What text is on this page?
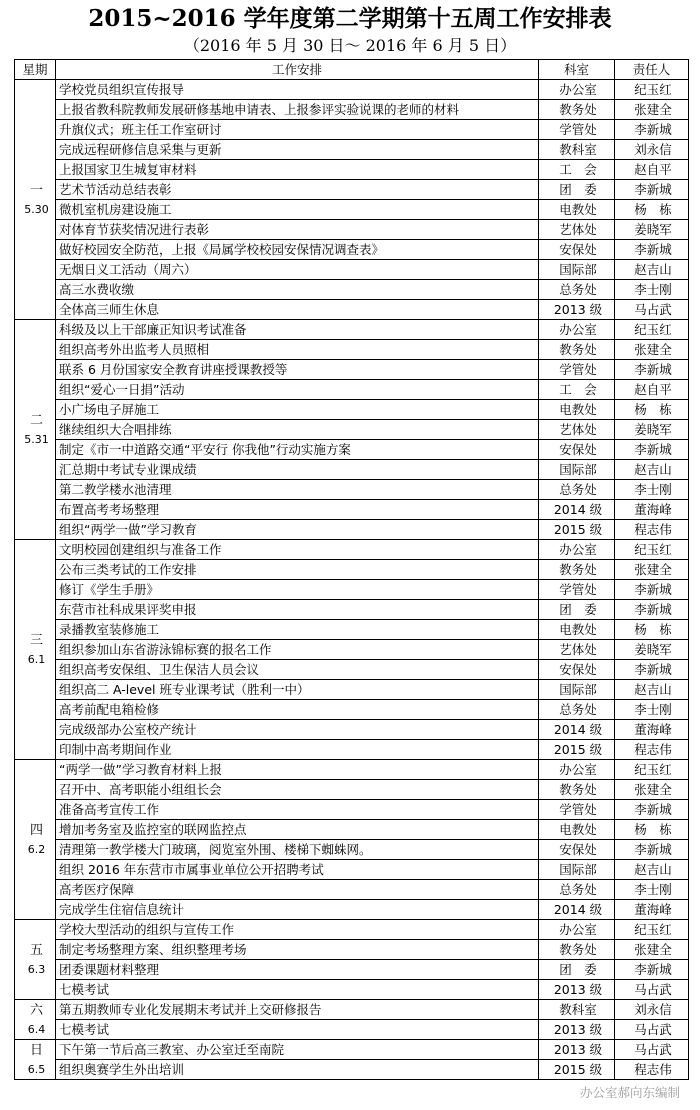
2015~2016 学年度第二学期第十五周工作安排表
（2016 年 5 月 30 日～ 2016 年 6 月 5 日）
星期	工作安排	科室	责任人

一
5.30	学校党员组织宣传报导	办公室	纪玉红
	上报省教科院教师发展研修基地申请表、上报参评实验说课的老师的材料	教务处	张建全
	升旗仪式；班主任工作室研讨	学管处	李新城
	完成远程研修信息采集与更新	教科室	刘永信
	上报国家卫生城复审材料	工　会	赵自平
	艺术节活动总结表彰	团　委	李新城
	微机室机房建设施工	电教处	杨　栋
	对体育节获奖情况进行表彰	艺体处	姜晓军
	做好校园安全防范，上报《局属学校校园安保情况调查表》	安保处	李新城
	无烟日义工活动（周六）	国际部	赵吉山
	高三水费收缴	总务处	李士刚
	全体高三师生休息	2013 级	马占武

二
5.31	科级及以上干部廉正知识考试准备	办公室	纪玉红
	组织高考外出监考人员照相	教务处	张建全
	联系 6 月份国家安全教育讲座授课教授等	学管处	李新城
	组织“爱心一日捐”活动	工　会	赵自平
	小广场电子屏施工	电教处	杨　栋
	继续组织大合唱排练	艺体处	姜晓军
	制定《市一中道路交通“平安行 你我他”行动实施方案	安保处	李新城
	汇总期中考试专业课成绩	国际部	赵吉山
	第二教学楼水池清理	总务处	李士刚
	布置高考考场整理	2014 级	董海峰
	组织“两学一做”学习教育	2015 级	程志伟

三
6.1	文明校园创建组织与准备工作	办公室	纪玉红
	公布三类考试的工作安排	教务处	张建全
	修订《学生手册》	学管处	李新城
	东营市社科成果评奖申报	团　委	李新城
	录播教室装修施工	电教处	杨　栋
	组织参加山东省游泳锦标赛的报名工作	艺体处	姜晓军
	组织高考安保组、卫生保洁人员会议	安保处	李新城
	组织高二 A-level 班专业课考试（胜利一中）	国际部	赵吉山
	高考前配电箱检修	总务处	李士刚
	完成级部办公室校产统计	2014 级	董海峰
	印制中高考期间作业	2015 级	程志伟

四
6.2	“两学一做”学习教育材料上报	办公室	纪玉红
	召开中、高考职能小组组长会	教务处	张建全
	准备高考宣传工作	学管处	李新城
	增加考务室及监控室的联网监控点	电教处	杨　栋
	清理第一教学楼大门玻璃，阅览室外围、楼梯下蜘蛛网。	安保处	李新城
	组织 2016 年东营市市属事业单位公开招聘考试	国际部	赵吉山
	高考医疗保障	总务处	李士刚
	完成学生住宿信息统计	2014 级	董海峰

五
6.3	学校大型活动的组织与宣传工作	办公室	纪玉红
	制定考场整理方案、组织整理考场	教务处	张建全
	团委课题材料整理	团　委	李新城
	七模考试	2013 级	马占武

六
6.4	第五期教师专业化发展期末考试并上交研修报告	教科室	刘永信
	七模考试	2013 级	马占武

日
6.5	下午第一节后高三教室、办公室迁至南院	2013 级	马占武
	组织奥赛学生外出培训	2015 级	程志伟
办公室郝向东编制
